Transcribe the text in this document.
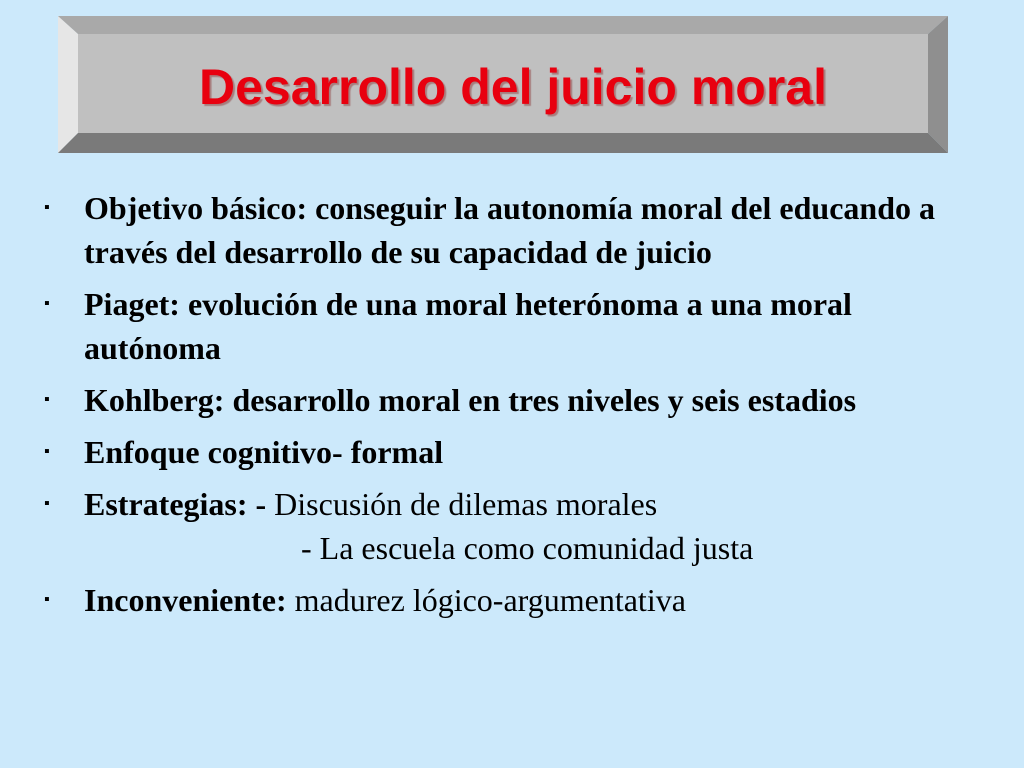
Desarrollo del juicio moral
▪	Objetivo básico: conseguir la autonomía moral del educando a través del desarrollo de su capacidad de juicio
▪	Piaget: evolución de una moral heterónoma a una moral autónoma
▪	Kohlberg: desarrollo moral en tres niveles y seis estadios
▪	Enfoque cognitivo- formal
▪	Estrategias: - Discusión de dilemas morales
- La escuela como comunidad justa
▪	Inconveniente: madurez lógico-argumentativa
